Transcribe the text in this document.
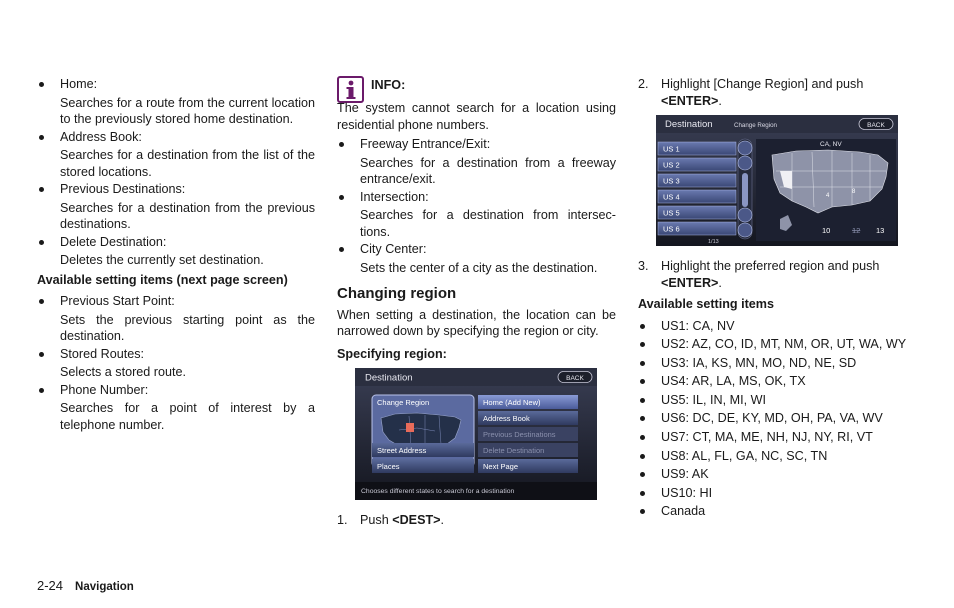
Home:
Searches for a route from the current location to the previously stored home destination.
Address Book:
Searches for a destination from the list of the stored locations.
Previous Destinations:
Searches for a destination from the previous destinations.
Delete Destination:
Deletes the currently set destination.
Available setting items (next page screen)
Previous Start Point:
Sets the previous starting point as the destination.
Stored Routes:
Selects a stored route.
Phone Number:
Searches for a point of interest by a telephone number.
INFO:
The system cannot search for a location using residential phone numbers.
Freeway Entrance/Exit:
Searches for a destination from a freeway entrance/exit.
Intersection:
Searches for a destination from intersec-tions.
City Center:
Sets the center of a city as the destination.
Changing region
When setting a destination, the location can be narrowed down by specifying the region or city.
Specifying region:
Destination	BACK
Change Region
Street Address
Places
Home (Add New)
Address Book
Previous Destinations
Delete Destination
Next Page
Chooses different states to search for a destination
1. Push <DEST>.
2. Highlight [Change Region] and push
<ENTER>.
Destination	Change Region	BACK
US 1
US 2
US 3
US 4
US 5
US 6
1/13
CA, NV
4
8
10	12 13
3. Highlight the preferred region and push
<ENTER>.
Available setting items
US1: CA, NV
US2: AZ, CO, ID, MT, NM, OR, UT, WA, WY
US3: IA, KS, MN, MO, ND, NE, SD
US4: AR, LA, MS, OK, TX
US5: IL, IN, MI, WI
US6: DC, DE, KY, MD, OH, PA, VA, WV
US7: CT, MA, ME, NH, NJ, NY, RI, VT
US8: AL, FL, GA, NC, SC, TN
US9: AK
US10: HI
Canada
2-24 Navigation
